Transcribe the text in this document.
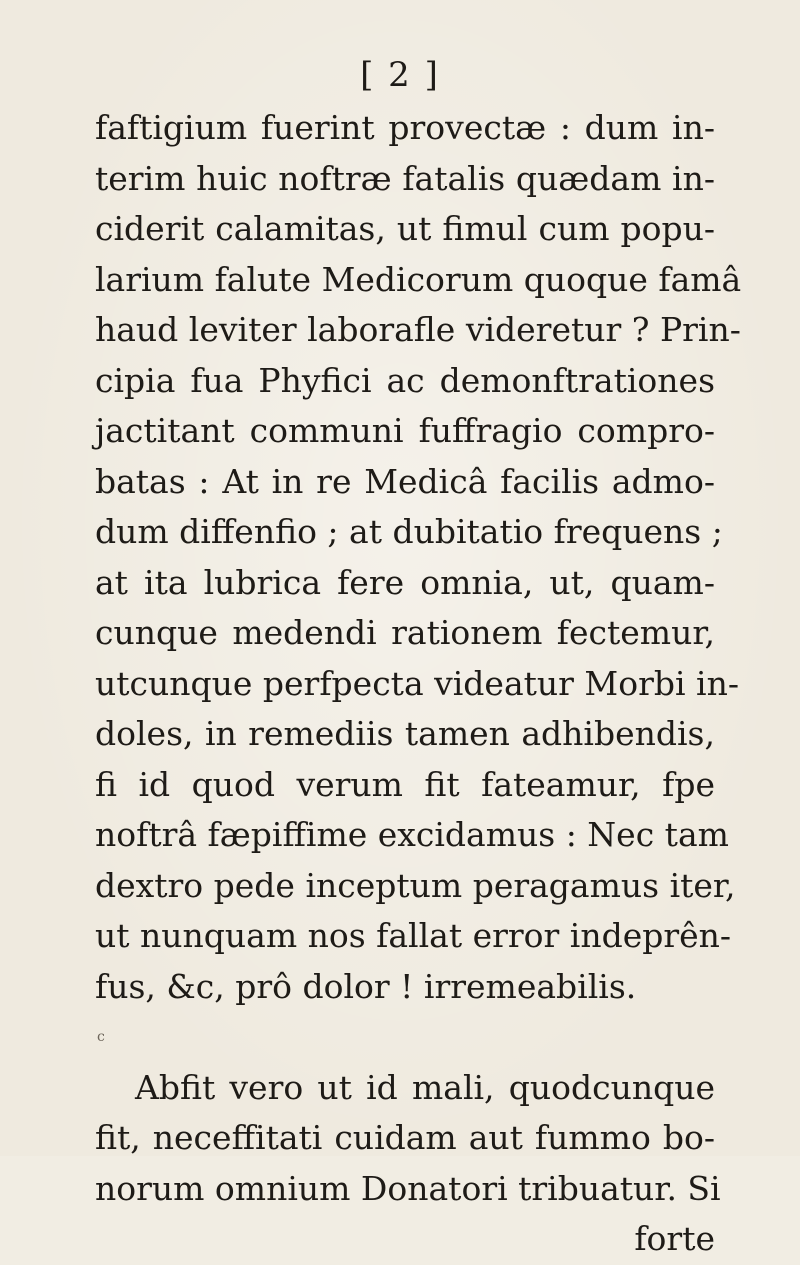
[ 2 ]
faftigium fuerint provectæ : dum in-
terim huic noftræ fatalis quædam in-
ciderit calamitas, ut fimul cum popu-
larium falute Medicorum quoque famâ
haud leviter laborafle videretur ? Prin-
cipia fua Phyfici ac demonftrationes
jactitant communi fuffragio compro-
batas : At in re Medicâ facilis admo-
dum diffenfio ; at dubitatio frequens ;
at ita lubrica fere omnia, ut, quam-
cunque medendi rationem fectemur,
utcunque perfpecta videatur Morbi in-
doles, in remediis tamen adhibendis,
fi id quod verum fit fateamur, fpe
noftrâ fæpiffime excidamus : Nec tam
dextro pede inceptum peragamus iter,
ut nunquam nos fallat error indeprên-
fus, &c, prô dolor ! irremeabilis.
c
Abfit vero ut id mali, quodcunque
fit, neceffitati cuidam aut fummo bo-
norum omnium Donatori tribuatur. Si
forte
